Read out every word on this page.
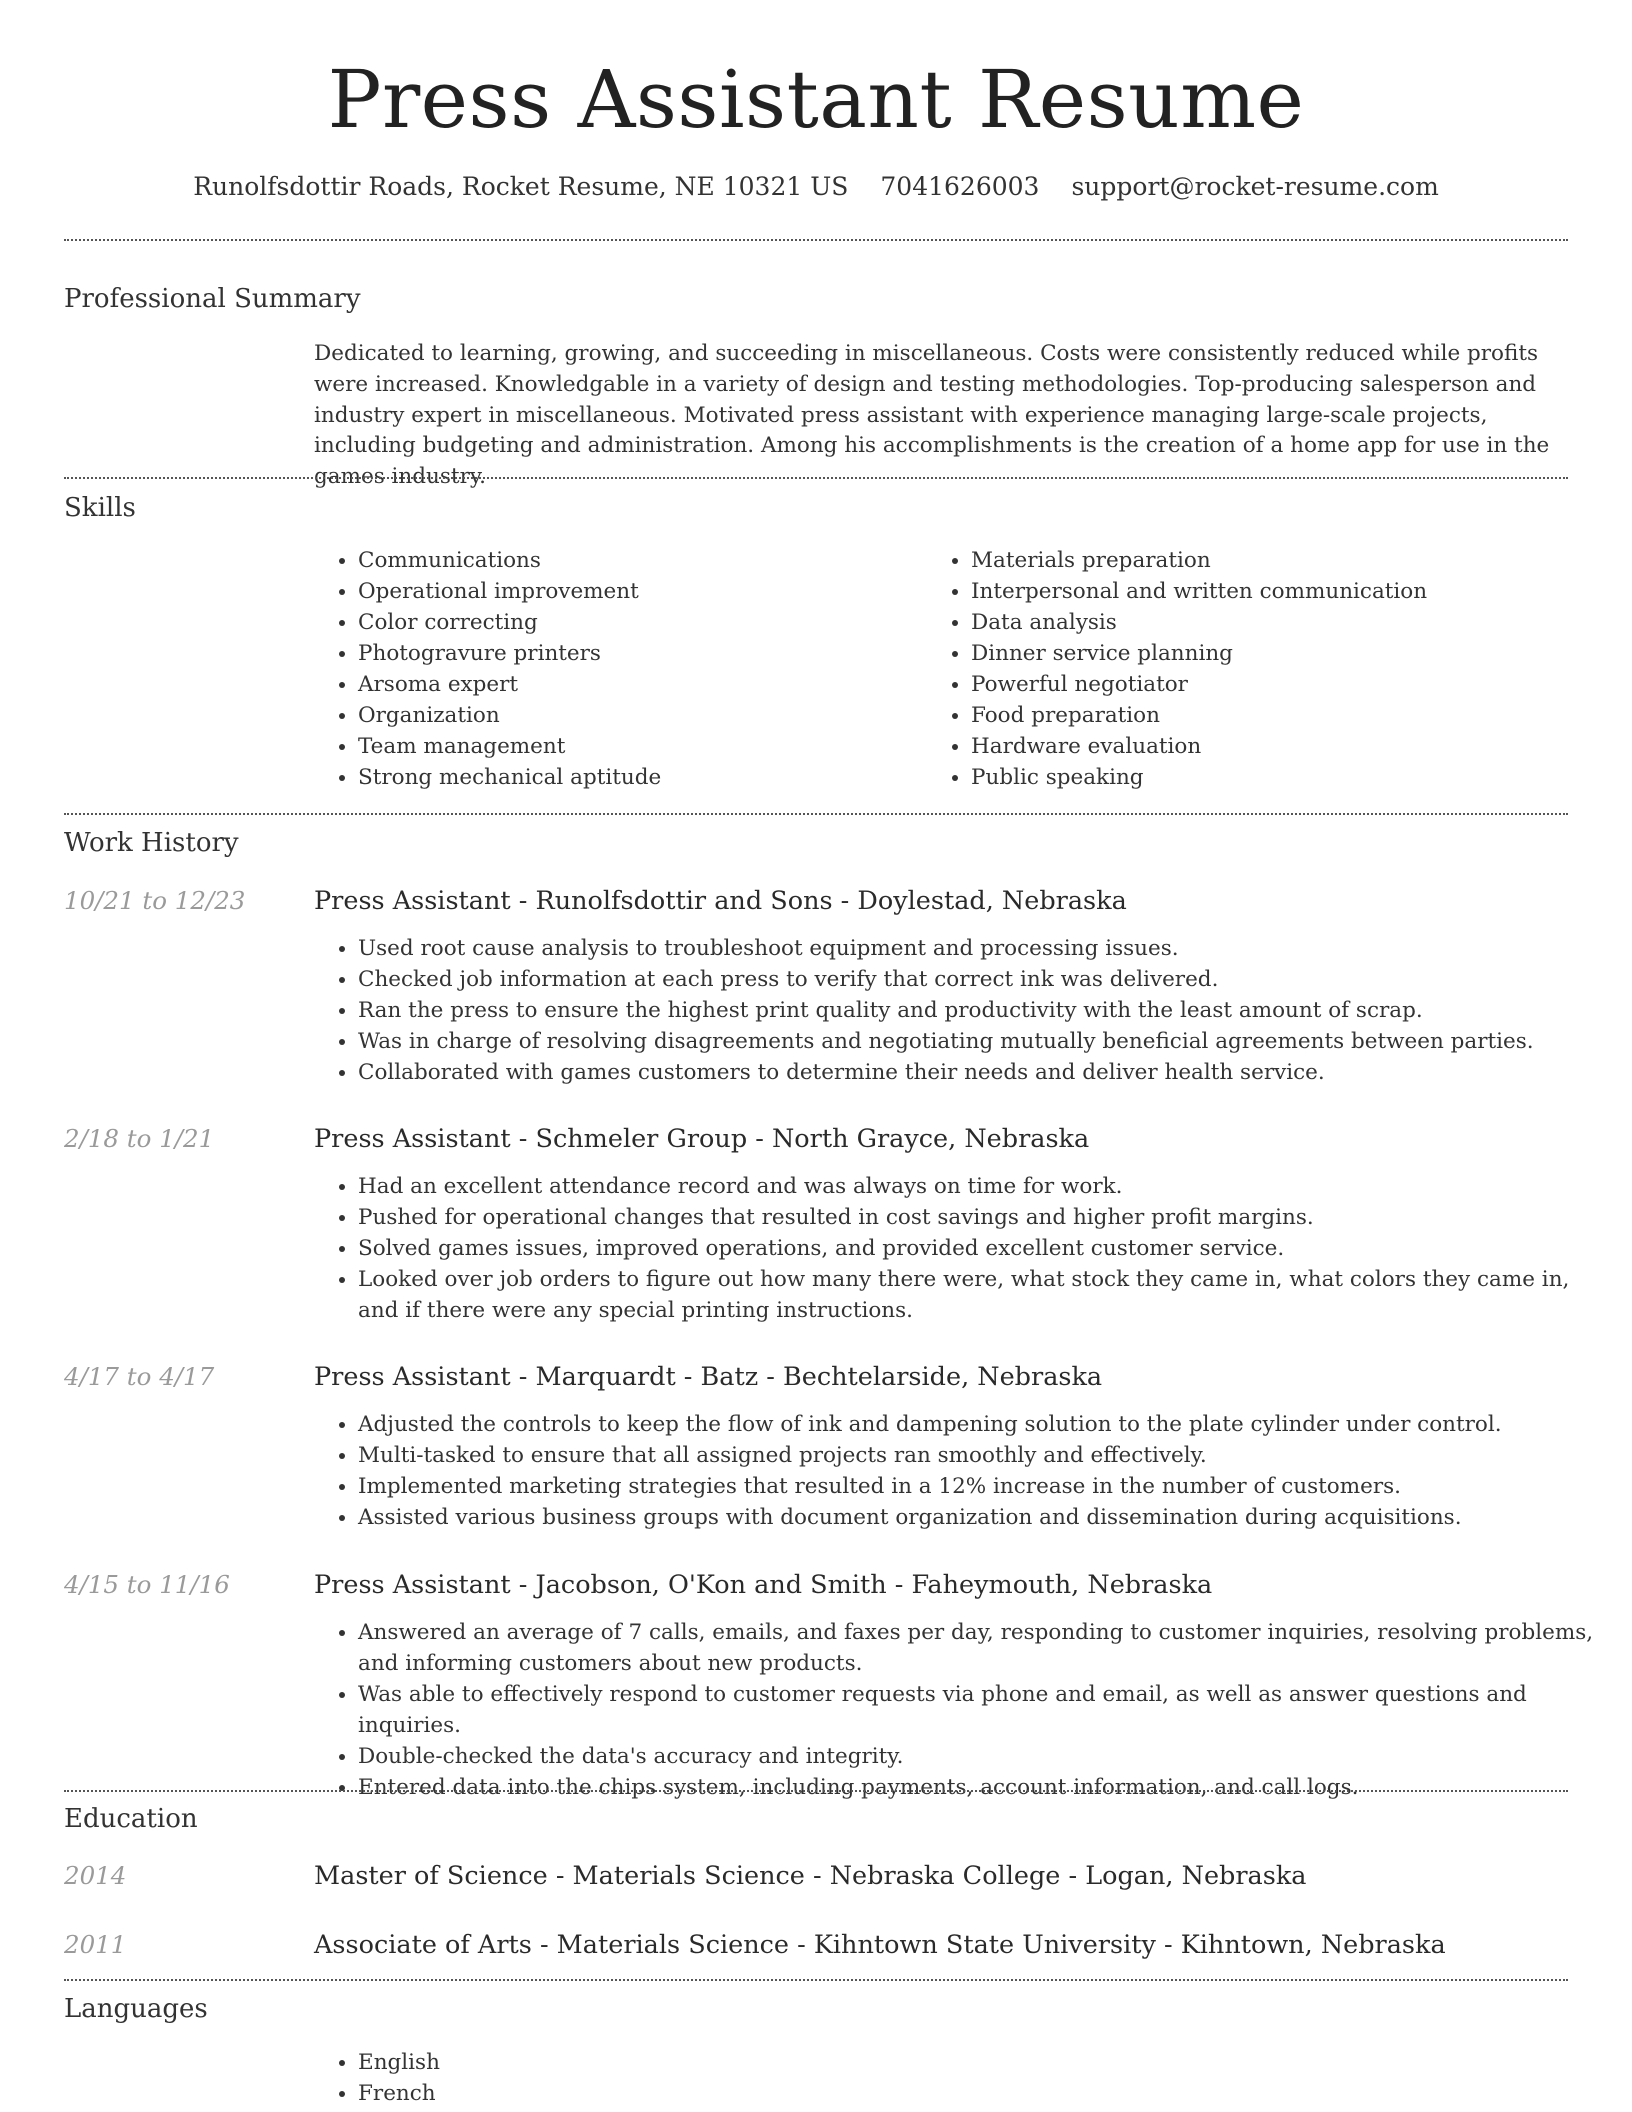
Press Assistant Resume
Runolfsdottir Roads, Rocket Resume, NE 10321 US 7041626003 support@rocket-resume.com
Professional Summary
Dedicated to learning, growing, and succeeding in miscellaneous. Costs were consistently reduced while profits were increased. Knowledgable in a variety of design and testing methodologies. Top-producing salesperson and industry expert in miscellaneous. Motivated press assistant with experience managing large-scale projects, including budgeting and administration. Among his accomplishments is the creation of a home app for use in the games industry.
Skills
• Communications
• Operational improvement
• Color correcting
• Photogravure printers
• Arsoma expert
• Organization
• Team management
• Strong mechanical aptitude
• Materials preparation
• Interpersonal and written communication
• Data analysis
• Dinner service planning
• Powerful negotiator
• Food preparation
• Hardware evaluation
• Public speaking
Work History
10/21 to 12/23	Press Assistant - Runolfsdottir and Sons - Doylestad, Nebraska
• Used root cause analysis to troubleshoot equipment and processing issues.
• Checked job information at each press to verify that correct ink was delivered.
• Ran the press to ensure the highest print quality and productivity with the least amount of scrap.
• Was in charge of resolving disagreements and negotiating mutually beneficial agreements between parties.
• Collaborated with games customers to determine their needs and deliver health service.
2/18 to 1/21	Press Assistant - Schmeler Group - North Grayce, Nebraska
• Had an excellent attendance record and was always on time for work.
• Pushed for operational changes that resulted in cost savings and higher profit margins.
• Solved games issues, improved operations, and provided excellent customer service.
• Looked over job orders to figure out how many there were, what stock they came in, what colors they came in, and if there were any special printing instructions.
4/17 to 4/17	Press Assistant - Marquardt - Batz - Bechtelarside, Nebraska
• Adjusted the controls to keep the flow of ink and dampening solution to the plate cylinder under control.
• Multi-tasked to ensure that all assigned projects ran smoothly and effectively.
• Implemented marketing strategies that resulted in a 12% increase in the number of customers.
• Assisted various business groups with document organization and dissemination during acquisitions.
4/15 to 11/16	Press Assistant - Jacobson, O'Kon and Smith - Faheymouth, Nebraska
• Answered an average of 7 calls, emails, and faxes per day, responding to customer inquiries, resolving problems, and informing customers about new products.
• Was able to effectively respond to customer requests via phone and email, as well as answer questions and inquiries.
• Double-checked the data's accuracy and integrity.
• Entered data into the chips system, including payments, account information, and call logs.
Education
2014	Master of Science - Materials Science - Nebraska College - Logan, Nebraska
2011	Associate of Arts - Materials Science - Kihntown State University - Kihntown, Nebraska
Languages
• English
• French
